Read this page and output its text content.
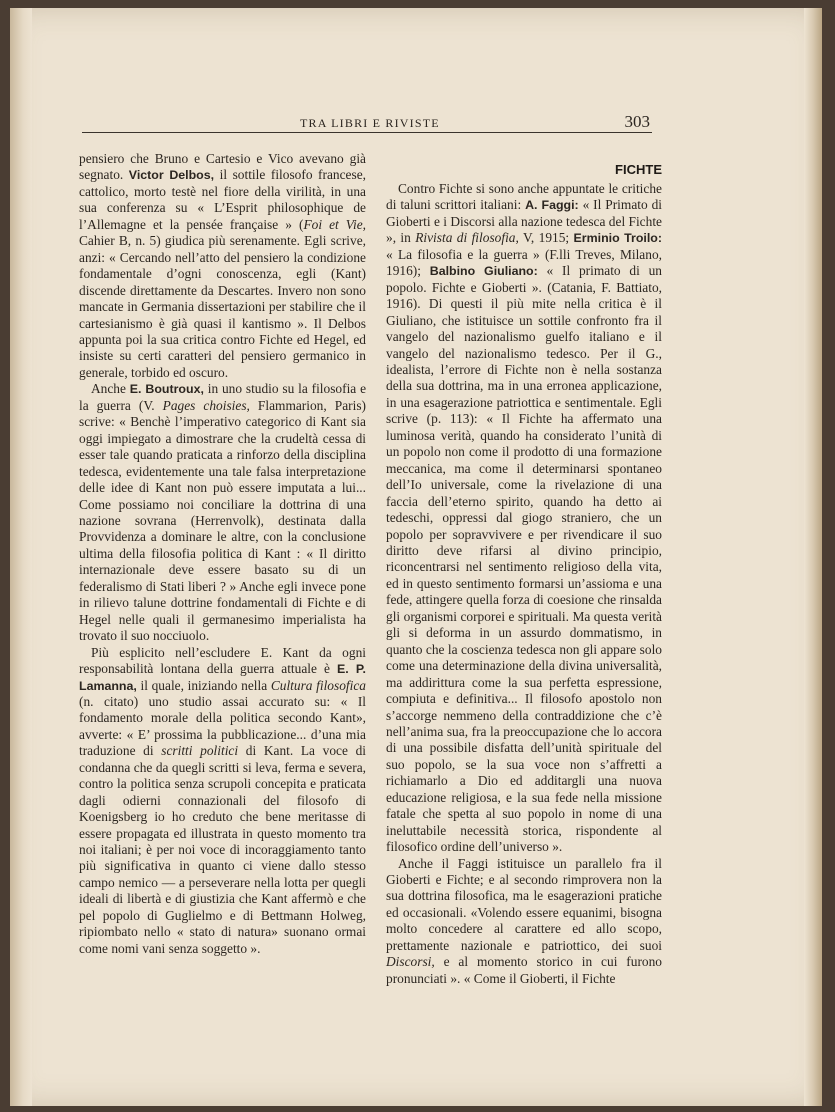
TRA LIBRI E RIVISTE	303
FICHTE

pensiero che Bruno e Cartesio e Vico avevano già segnato. Victor Delbos, il sottile filosofo francese, cattolico, morto testè nel fiore della virilità, in una sua conferenza su « L’Esprit philosophique de l’Allemagne et la pensée française » (Foi et Vie, Cahier B, n. 5) giudica più serenamente. Egli scrive, anzi: « Cercando nell’atto del pensiero la condizione fondamentale d’ogni conoscenza, egli (Kant) discende direttamente da Descartes. Invero non sono mancate in Germania dissertazioni per stabilire che il cartesianismo è già quasi il kantismo ». Il Delbos appunta poi la sua critica contro Fichte ed Hegel, ed insiste su certi caratteri del pensiero germanico in generale, torbido ed oscuro.

Anche E. Boutroux, in uno studio su la filosofia e la guerra (V. Pages choisies, Flammarion, Paris) scrive: « Benchè l’imperativo categorico di Kant sia oggi impiegato a dimostrare che la crudeltà cessa di esser tale quando praticata a rinforzo della disciplina tedesca, evidentemente una tale falsa interpretazione delle idee di Kant non può essere imputata a lui... Come possiamo noi conciliare la dottrina di una nazione sovrana (Herrenvolk), destinata dalla Provvidenza a dominare le altre, con la conclusione ultima della filosofia politica di Kant : « Il diritto internazionale deve essere basato su di un federalismo di Stati liberi ? » Anche egli invece pone in rilievo talune dottrine fondamentali di Fichte e di Hegel nelle quali il germanesimo imperialista ha trovato il suo nocciuolo.

Più esplicito nell’escludere E. Kant da ogni responsabilità lontana della guerra attuale è E. P. Lamanna, il quale, iniziando nella Cultura filosofica (n. citato) uno studio assai accurato su: « Il fondamento morale della politica secondo Kant», avverte: « E’ prossima la pubblicazione... d’una mia traduzione di scritti politici di Kant. La voce di condanna che da quegli scritti si leva, ferma e severa, contro la politica senza scrupoli concepita e praticata dagli odierni connazionali del filosofo di Koenigsberg io ho creduto che bene meritasse di essere propagata ed illustrata in questo momento tra noi italiani; è per noi voce di incoraggiamento tanto più significativa in quanto ci viene dallo stesso campo nemico — a perseverare nella lotta per quegli ideali di libertà e di giustizia che Kant affermò e che pel popolo di Guglielmo e di Bettmann Holweg, ripiombato nello « stato di natura» suonano ormai come nomi vani senza soggetto ».

Contro Fichte si sono anche appuntate le critiche di taluni scrittori italiani: A. Faggi: « Il Primato di Gioberti e i Discorsi alla nazione tedesca del Fichte », in Rivista di filosofia, V, 1915; Erminio Troilo: « La filosofia e la guerra » (F.lli Treves, Milano, 1916); Balbino Giuliano: « Il primato di un popolo. Fichte e Gioberti ». (Catania, F. Battiato, 1916). Di questi il più mite nella critica è il Giuliano, che istituisce un sottile confronto fra il vangelo del nazionalismo guelfo italiano e il vangelo del nazionalismo tedesco. Per il G., idealista, l’errore di Fichte non è nella sostanza della sua dottrina, ma in una erronea applicazione, in una esagerazione patriottica e sentimentale. Egli scrive (p. 113): « Il Fichte ha affermato una luminosa verità, quando ha considerato l’unità di un popolo non come il prodotto di una formazione meccanica, ma come il determinarsi spontaneo dell’Io universale, come la rivelazione di una faccia dell’eterno spirito, quando ha detto ai tedeschi, oppressi dal giogo straniero, che un popolo per sopravvivere e per rivendicare il suo diritto deve rifarsi al divino principio, riconcentrarsi nel sentimento religioso della vita, ed in questo sentimento formarsi un’assioma e una fede, attingere quella forza di coesione che rinsalda gli organismi corporei e spirituali. Ma questa verità gli si deforma in un assurdo dommatismo, in quanto che la coscienza tedesca non gli appare solo come una determinazione della divina universalità, ma addirittura come la sua perfetta espressione, compiuta e definitiva... Il filosofo apostolo non s’accorge nemmeno della contraddizione che c’è nell’anima sua, fra la preoccupazione che lo accora di una possibile disfatta dell’unità spirituale del suo popolo, se la sua voce non s’affretti a richiamarlo a Dio ed additargli una nuova educazione religiosa, e la sua fede nella missione fatale che spetta al suo popolo in nome di una ineluttabile necessità storica, rispondente al filosofico ordine dell’universo ».

Anche il Faggi istituisce un parallelo fra il Gioberti e Fichte; e al secondo rimprovera non la sua dottrina filosofica, ma le esagerazioni pratiche ed occasionali. «Volendo essere equanimi, bisogna molto concedere al carattere ed allo scopo, prettamente nazionale e patriottico, dei suoi Discorsi, e al momento storico in cui furono pronunciati ». « Come il Gioberti, il Fichte
